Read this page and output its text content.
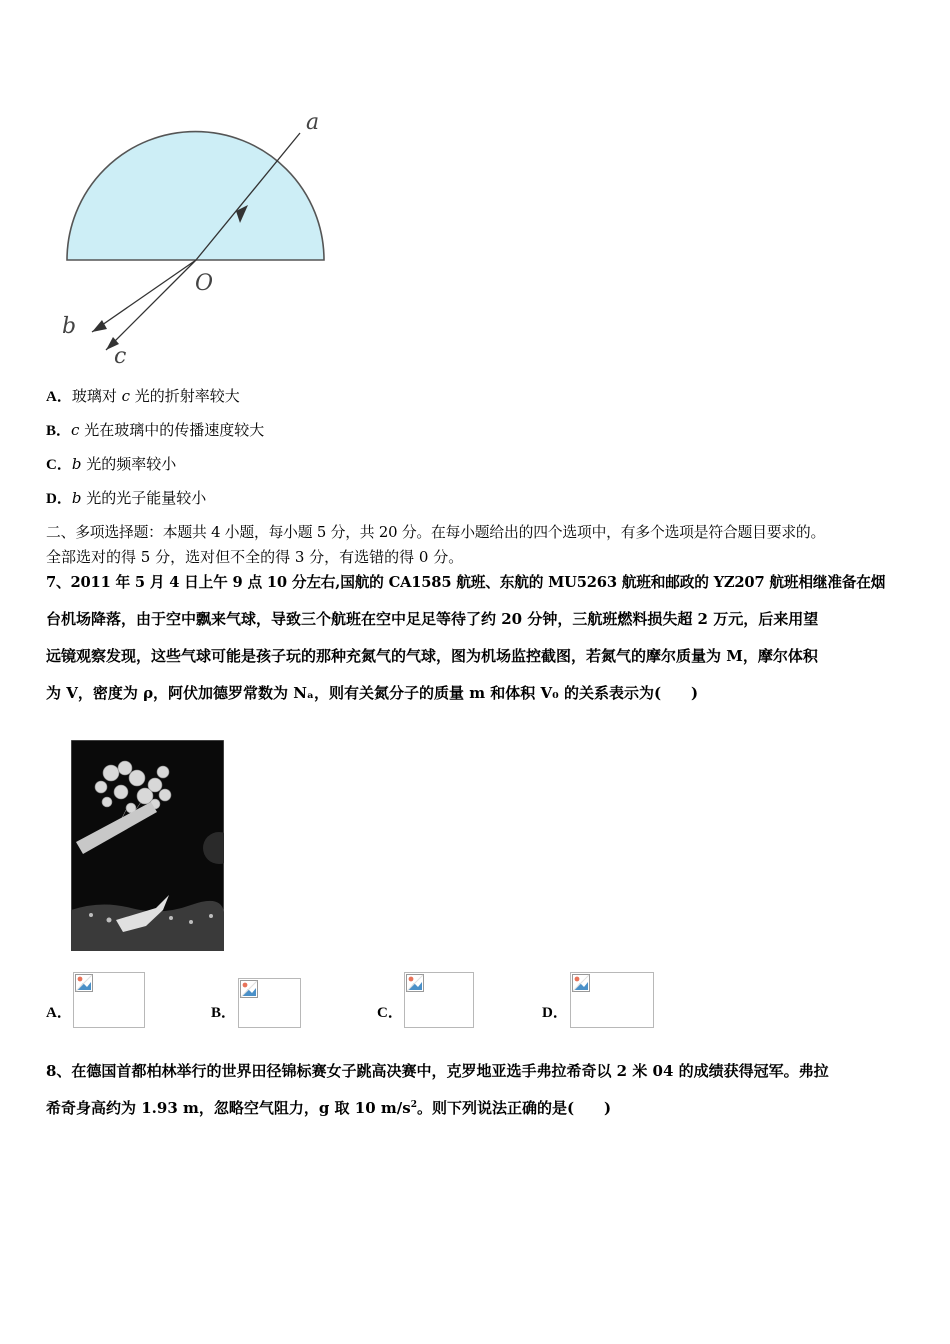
a
O
b
c
A．玻璃对 c 光的折射率较大
B．c 光在玻璃中的传播速度较大
C．b 光的频率较小
D．b 光的光子能量较小
二、多项选择题：本题共 4 小题，每小题 5 分，共 20 分。在每小题给出的四个选项中，有多个选项是符合题目要求的。
全部选对的得 5 分，选对但不全的得 3 分，有选错的得 0 分。
7、2011 年 5 月 4 日上午 9 点 10 分左右,国航的 CA1585 航班、东航的 MU5263 航班和邮政的 YZ207 航班相继准备在烟
台机场降落，由于空中飘来气球，导致三个航班在空中足足等待了约 20 分钟，三航班燃料损失超 2 万元，后来用望
远镜观察发现，这些气球可能是孩子玩的那种充氮气的气球，图为机场监控截图，若氮气的摩尔质量为 M，摩尔体积
为 V，密度为 ρ，阿伏加德罗常数为 Nₐ，则有关氮分子的质量 m 和体积 V₀ 的关系表示为(　　)
A．	B．	C．	D．
8、在德国首都柏林举行的世界田径锦标赛女子跳高决赛中，克罗地亚选手弗拉希奇以 2 米 04 的成绩获得冠军。弗拉
希奇身高约为 1.93 m，忽略空气阻力，g 取 10 $m/s^2$。则下列说法正确的是(　　)
